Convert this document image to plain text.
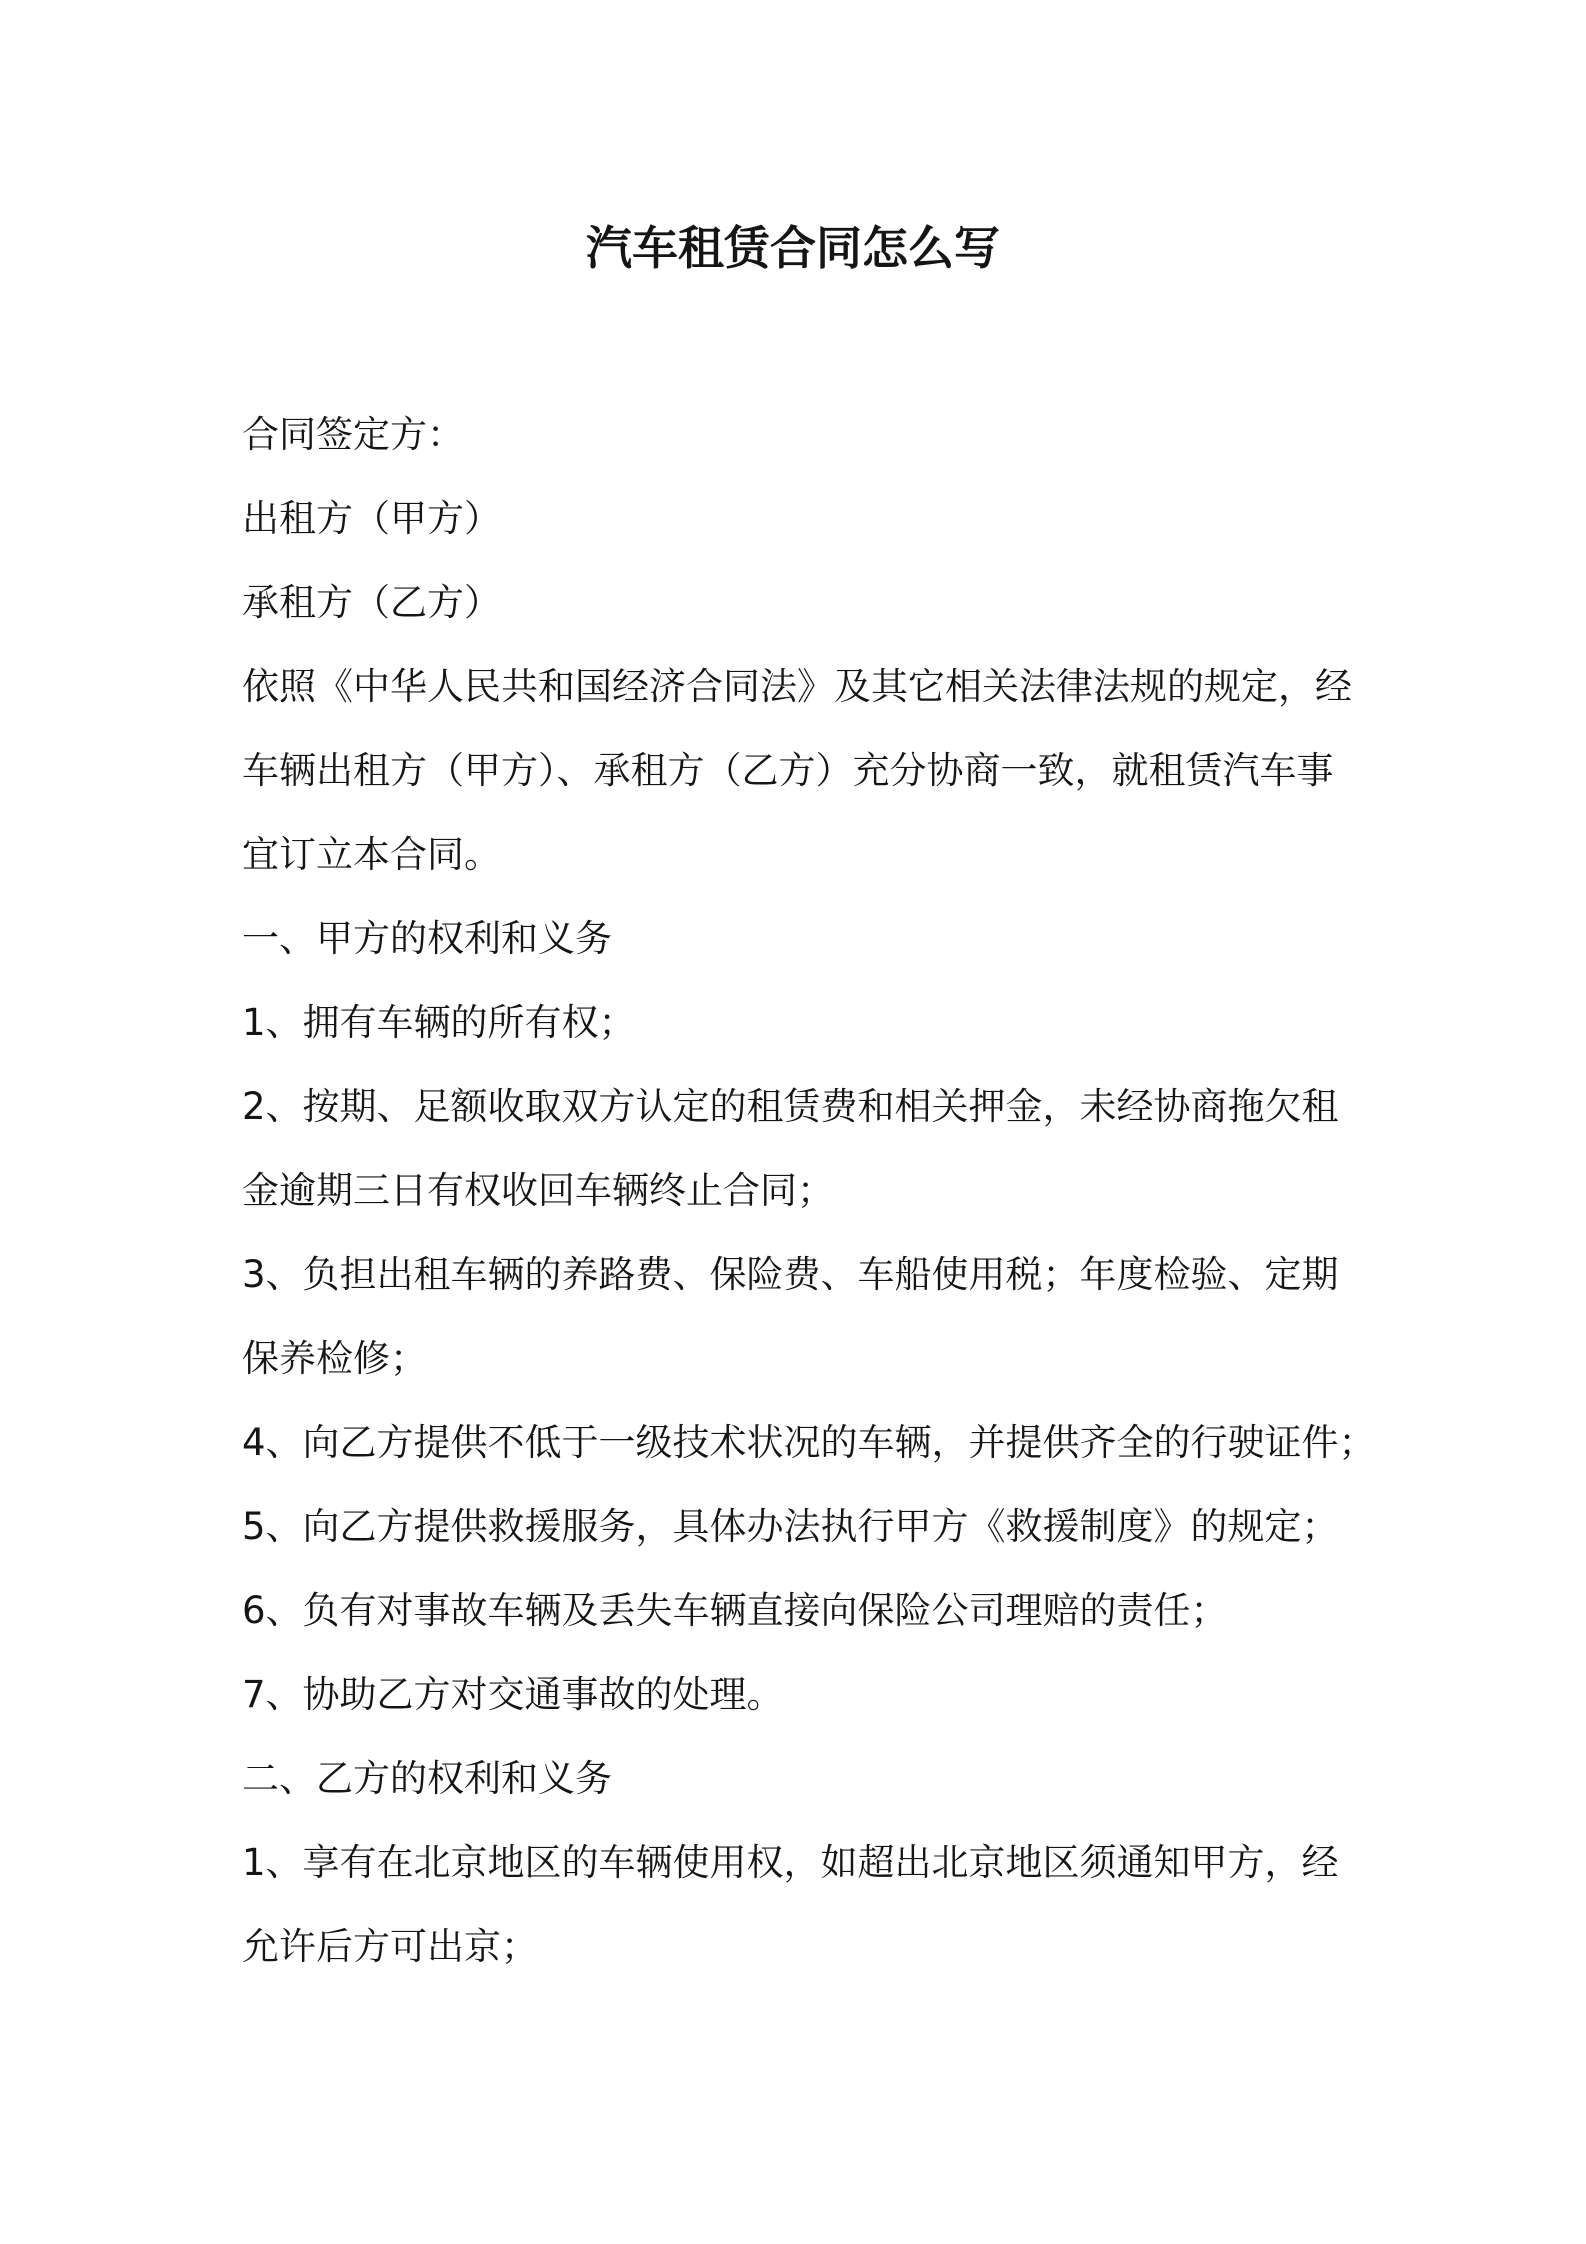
汽车租赁合同怎么写
合同签定方：
出租方（甲方）
承租方（乙方）
依照《中华人民共和国经济合同法》及其它相关法律法规的规定，经
车辆出租方（甲方）、承租方（乙方）充分协商一致，就租赁汽车事
宜订立本合同。
一、甲方的权利和义务
1、拥有车辆的所有权；
2、按期、足额收取双方认定的租赁费和相关押金，未经协商拖欠租
金逾期三日有权收回车辆终止合同；
3、负担出租车辆的养路费、保险费、车船使用税；年度检验、定期
保养检修；
4、向乙方提供不低于一级技术状况的车辆，并提供齐全的行驶证件；
5、向乙方提供救援服务，具体办法执行甲方《救援制度》的规定；
6、负有对事故车辆及丢失车辆直接向保险公司理赔的责任；
7、协助乙方对交通事故的处理。
二、乙方的权利和义务
1、享有在北京地区的车辆使用权，如超出北京地区须通知甲方，经
允许后方可出京；
